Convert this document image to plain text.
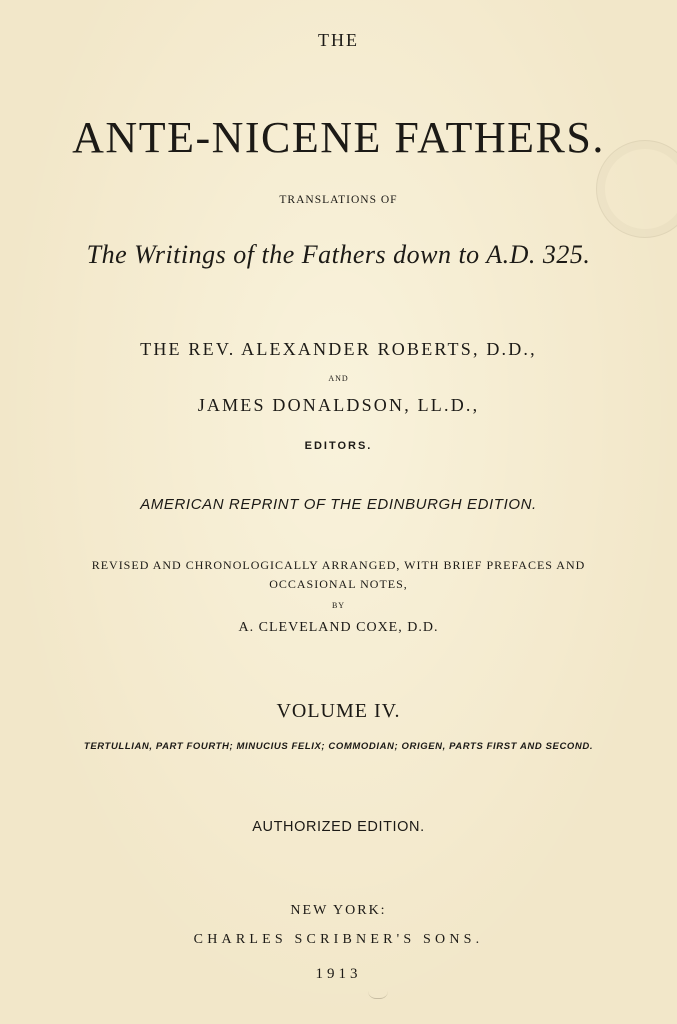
THE

ANTE-NICENE FATHERS.

TRANSLATIONS OF

The Writings of the Fathers down to A.D. 325.

THE REV. ALEXANDER ROBERTS, D.D.,

AND

JAMES DONALDSON, LL.D.,

EDITORS.

AMERICAN REPRINT OF THE EDINBURGH EDITION.

REVISED AND CHRONOLOGICALLY ARRANGED, WITH BRIEF PREFACES AND

OCCASIONAL NOTES,

BY

A. CLEVELAND COXE, D.D.

VOLUME IV.

TERTULLIAN, PART FOURTH; MINUCIUS FELIX; COMMODIAN; ORIGEN, PARTS FIRST AND SECOND.

AUTHORIZED EDITION.

NEW YORK:

CHARLES SCRIBNER'S SONS.

1913
